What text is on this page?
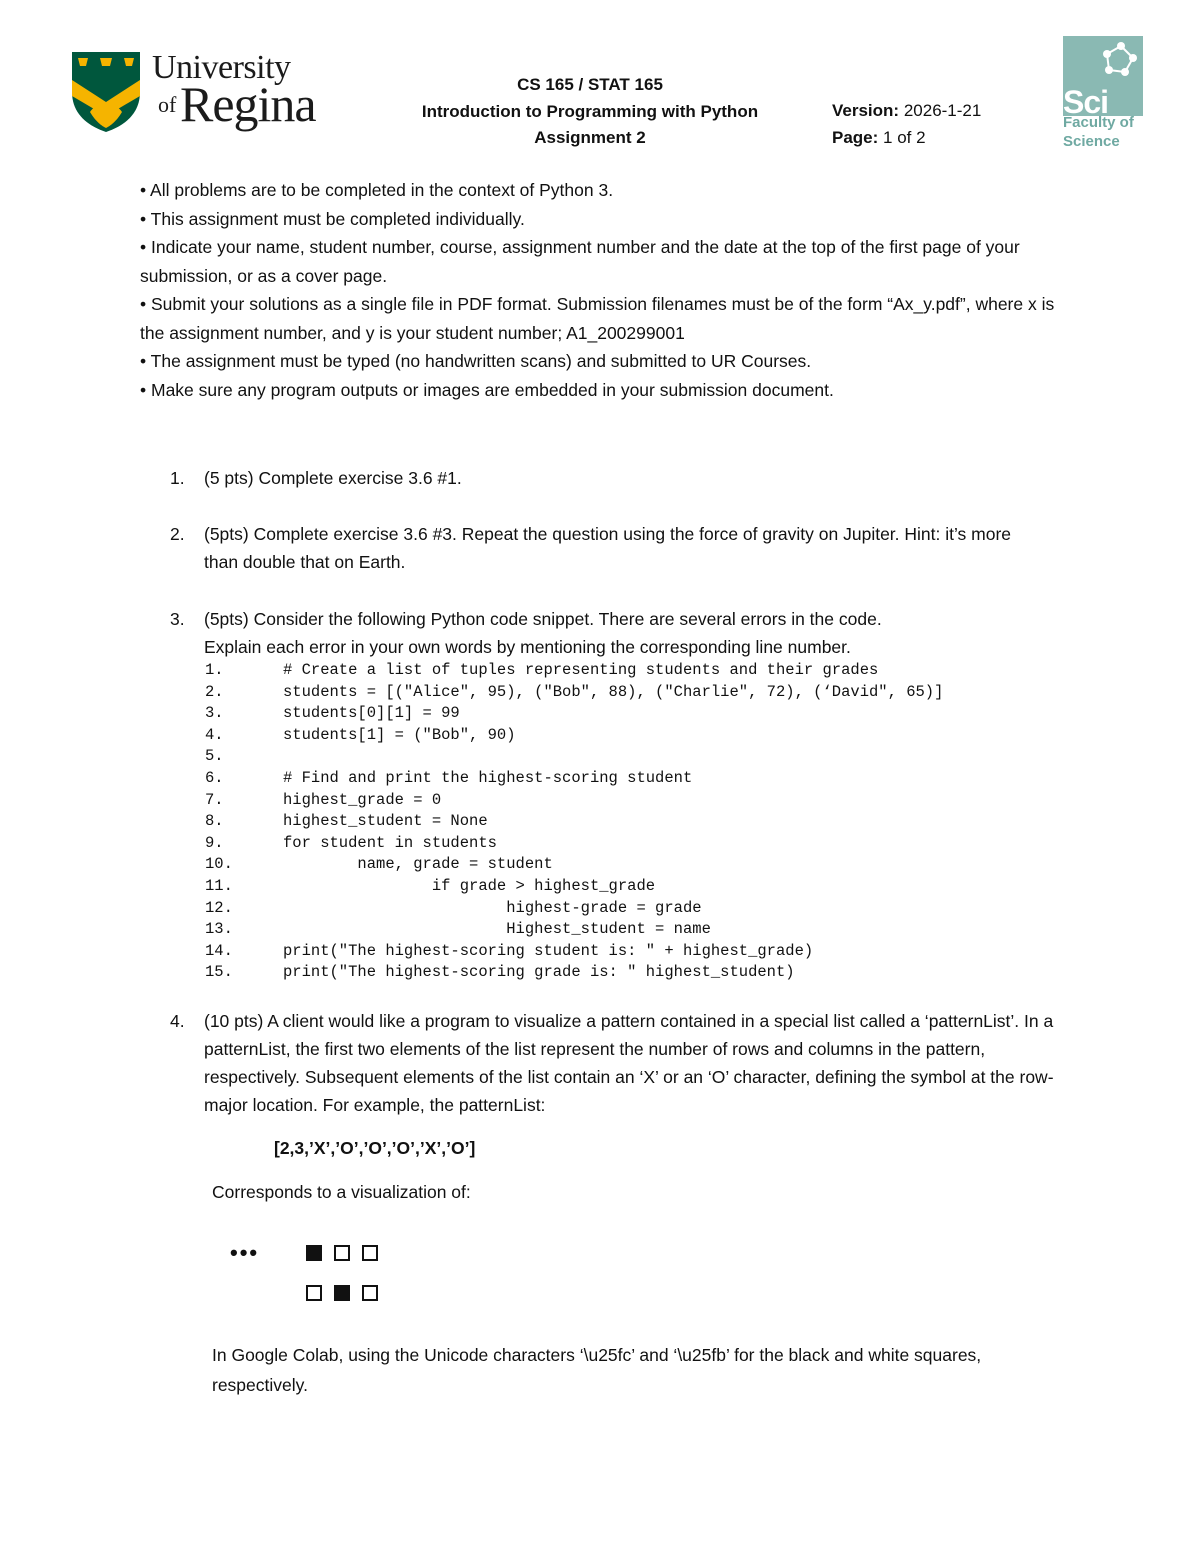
University
of Regina	CS 165 / STAT 165
Introduction to Programming with Python
Assignment 2
Version: 2026-1-21
Page: 1 of 2
Sci
Faculty of
Science

• All problems are to be completed in the context of Python 3.

• This assignment must be completed individually.

• Indicate your name, student number, course, assignment number and the date at the top of the first page of your submission, or as a cover page.

• Submit your solutions as a single file in PDF format. Submission filenames must be of the form “Ax_y.pdf”, where x is the assignment number, and y is your student number; A1_200299001

• The assignment must be typed (no handwritten scans) and submitted to UR Courses.

• Make sure any program outputs or images are embedded in your submission document.

1. (5 pts) Complete exercise 3.6 #1.

2. (5pts) Complete exercise 3.6 #3. Repeat the question using the force of gravity on Jupiter. Hint: it’s more than double that on Earth.

3. (5pts) Consider the following Python code snippet. There are several errors in the code.

Explain each error in your own words by mentioning the corresponding line number.

1.	# Create a list of tuples representing students and their grades
2.	students = [("Alice", 95), ("Bob", 88), ("Charlie", 72), (‘David", 65)]
3.	students[0][1] = 99
4.	students[1] = ("Bob", 90)
5.
6.	# Find and print the highest-scoring student
7.	highest_grade = 0
8.	highest_student = None
9.	for student in students
10.	name, grade = student
11.	if grade > highest_grade
12.	highest-grade = grade
13.	Highest_student = name
14.	print("The highest-scoring student is: " + highest_grade)
15.	print("The highest-scoring grade is: " highest_student)
4. (10 pts) A client would like a program to visualize a pattern contained in a special list called a ‘patternList’. In a patternList, the first two elements of the list represent the number of rows and columns in the pattern, respectively. Subsequent elements of the list contain an ‘X’ or an ‘O’ character, defining the symbol at the row-major location. For example, the patternList:

[2,3,’X’,’O’,’O’,’O’,’X’,’O’]
Corresponds to a visualization of:
•••
In Google Colab, using the Unicode characters ‘\u25fc’ and ‘\u25fb’ for the black and white squares, respectively.
